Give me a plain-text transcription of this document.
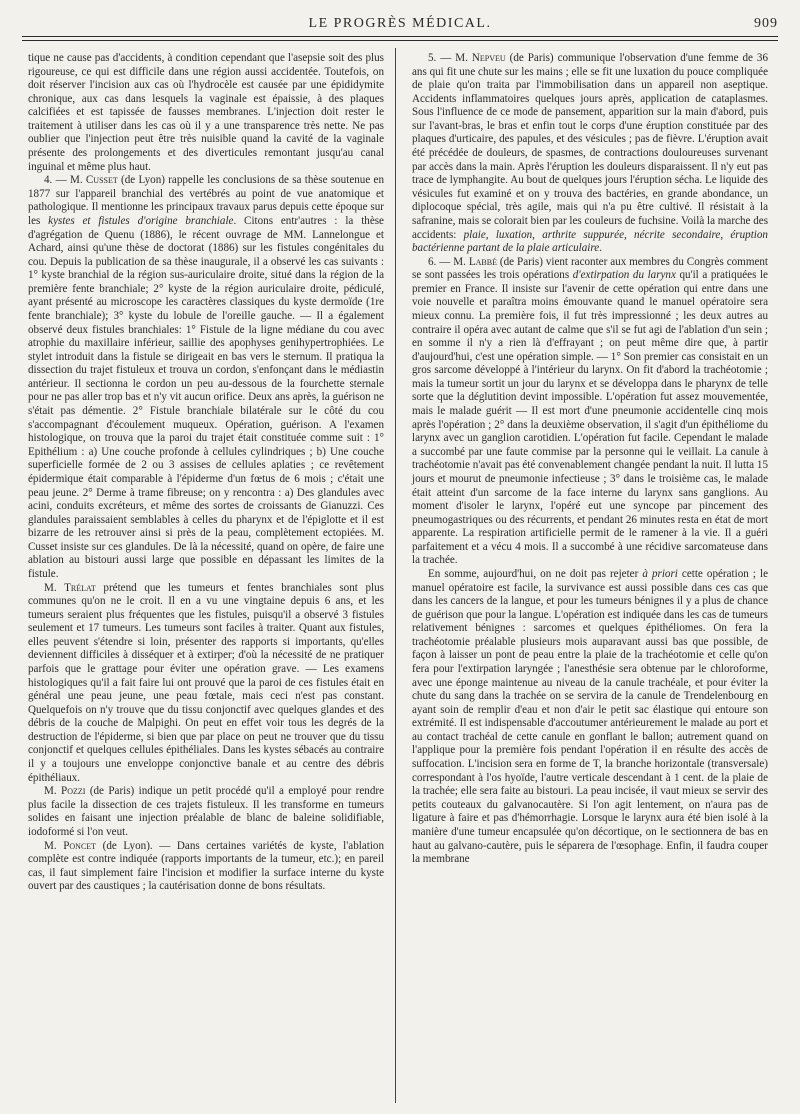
LE PROGRÈS MÉDICAL.	909

tique ne cause pas d'accidents, à condition cependant que l'asepsie soit des plus rigoureuse, ce qui est difficile dans une région aussi accidentée. Toutefois, on doit réserver l'incision aux cas où l'hydrocèle est causée par une épididymite chronique, aux cas dans lesquels la vaginale est épaissie, à des plaques calcifiées et est tapissée de fausses membranes. L'injection doit rester le traitement à utiliser dans les cas où il y a une transparence très nette. Ne pas oublier que l'injection peut être très nuisible quand la cavité de la vaginale présente des prolongements et des diverticules remontant jusqu'au canal inguinal et même plus haut.

4. — M. Cusset (de Lyon) rappelle les conclusions de sa thèse soutenue en 1877 sur l'appareil branchial des vertébrés au point de vue anatomique et pathologique. Il mentionne les principaux travaux parus depuis cette époque sur les kystes et fistules d'origine branchiale. Citons entr'autres : la thèse d'agrégation de Quenu (1886), le récent ouvrage de MM. Lannelongue et Achard, ainsi qu'une thèse de doctorat (1886) sur les fistules congénitales du cou. Depuis la publication de sa thèse inaugurale, il a observé les cas suivants : 1° kyste branchial de la région sus-auriculaire droite, situé dans la région de la première fente branchiale; 2° kyste de la région auriculaire droite, pédiculé, ayant présenté au microscope les caractères classiques du kyste dermoïde (1re fente branchiale); 3° kyste du lobule de l'oreille gauche. — Il a également observé deux fistules branchiales: 1° Fistule de la ligne médiane du cou avec atrophie du maxillaire inférieur, saillie des apophyses genihypertrophiées. Le stylet introduit dans la fistule se dirigeait en bas vers le sternum. Il pratiqua la dissection du trajet fistuleux et trouva un cordon, s'enfonçant dans le médiastin antérieur. Il sectionna le cordon un peu au-dessous de la fourchette sternale pour ne pas aller trop bas et n'y vit aucun orifice. Deux ans après, la guérison ne s'était pas démentie. 2° Fistule branchiale bilatérale sur le côté du cou s'accompagnant d'écoulement muqueux. Opération, guérison. A l'examen histologique, on trouva que la paroi du trajet était constituée comme suit : 1° Epithélium : a) Une couche profonde à cellules cylindriques ; b) Une couche superficielle formée de 2 ou 3 assises de cellules aplaties ; ce revêtement épidermique était comparable à l'épiderme d'un fœtus de 6 mois ; c'était une peau jeune. 2° Derme à trame fibreuse; on y rencontra : a) Des glandules avec acini, conduits excréteurs, et même des sortes de croissants de Gianuzzi. Ces glandules paraissaient semblables à celles du pharynx et de l'épiglotte et il est bizarre de les retrouver ainsi si près de la peau, complètement ectopiées. M. Cusset insiste sur ces glandules. De là la nécessité, quand on opère, de faire une ablation au bistouri aussi large que possible en dépassant les limites de la fistule.

M. Trélat prétend que les tumeurs et fentes branchiales sont plus communes qu'on ne le croit. Il en a vu une vingtaine depuis 6 ans, et les tumeurs seraient plus fréquentes que les fistules, puisqu'il a observé 3 fistules seulement et 17 tumeurs. Les tumeurs sont faciles à traiter. Quant aux fistules, elles peuvent s'étendre si loin, présenter des rapports si importants, qu'elles deviennent difficiles à disséquer et à extirper; d'où la nécessité de ne pratiquer parfois que le grattage pour éviter une opération grave. — Les examens histologiques qu'il a fait faire lui ont prouvé que la paroi de ces fistules était en général une peau jeune, une peau fœtale, mais ceci n'est pas constant. Quelquefois on n'y trouve que du tissu conjonctif avec quelques glandes et des débris de la couche de Malpighi. On peut en effet voir tous les degrés de la destruction de l'épiderme, si bien que par place on peut ne trouver que du tissu conjonctif et quelques cellules épithéliales. Dans les kystes sébacés au contraire il y a toujours une enveloppe conjonctive banale et au centre des débris épithéliaux.

M. Pozzi (de Paris) indique un petit procédé qu'il a employé pour rendre plus facile la dissection de ces trajets fistuleux. Il les transforme en tumeurs solides en faisant une injection préalable de blanc de baleine solidifiable, iodoformé si l'on veut.

M. Poncet (de Lyon). — Dans certaines variétés de kyste, l'ablation complète est contre indiquée (rapports importants de la tumeur, etc.); en pareil cas, il faut simplement faire l'incision et modifier la surface interne du kyste ouvert par des caustiques ; la cautérisation donne de bons résultats.

5. — M. Nepveu (de Paris) communique l'observation d'une femme de 36 ans qui fit une chute sur les mains ; elle se fit une luxation du pouce compliquée de plaie qu'on traita par l'immobilisation dans un appareil non aseptique. Accidents inflammatoires quelques jours après, application de cataplasmes. Sous l'influence de ce mode de pansement, apparition sur la main d'abord, puis sur l'avant-bras, le bras et enfin tout le corps d'une éruption constituée par des plaques d'urticaire, des papules, et des vésicules ; pas de fièvre. L'éruption avait été précédée de douleurs, de spasmes, de contractions douloureuses survenant par accès dans la main. Après l'éruption les douleurs disparaissent. Il n'y eut pas trace de lymphangite. Au bout de quelques jours l'éruption sécha. Le liquide des vésicules fut examiné et on y trouva des bactéries, en grande abondance, un diplocoque spécial, très agile, mais qui n'a pu être cultivé. Il résistait à la safranine, mais se colorait bien par les couleurs de fuchsine. Voilà la marche des accidents: plaie, luxation, arthrite suppurée, nécrite secondaire, éruption bactérienne partant de la plaie articulaire.

6. — M. Labbé (de Paris) vient raconter aux membres du Congrès comment se sont passées les trois opérations d'extirpation du larynx qu'il a pratiquées le premier en France. Il insiste sur l'avenir de cette opération qui entre dans une voie nouvelle et paraîtra moins émouvante quand le manuel opératoire sera mieux connu. La première fois, il fut très impressionné ; les deux autres au contraire il opéra avec autant de calme que s'il se fut agi de l'ablation d'un sein ; en somme il n'y a rien là d'effrayant ; on peut même dire que, à partir d'aujourd'hui, c'est une opération simple. — 1° Son premier cas consistait en un gros sarcome développé à l'intérieur du larynx. On fit d'abord la trachéotomie ; mais la tumeur sortit un jour du larynx et se développa dans le pharynx de telle sorte que la déglutition devint impossible. L'opération fut assez mouvementée, mais le malade guérit — Il est mort d'une pneumonie accidentelle cinq mois après l'opération ; 2° dans la deuxième observation, il s'agit d'un épithéliome du larynx avec un ganglion carotidien. L'opération fut facile. Cependant le malade a succombé par une faute commise par la personne qui le veillait. La canule à trachéotomie n'avait pas été convenablement changée pendant la nuit. Il lutta 15 jours et mourut de pneumonie infectieuse ; 3° dans le troisième cas, le malade était atteint d'un sarcome de la face interne du larynx sans ganglions. Au moment d'isoler le larynx, l'opéré eut une syncope par pincement des pneumogastriques ou des récurrents, et pendant 26 minutes resta en état de mort apparente. La respiration artificielle permit de le ramener à la vie. Il a guéri parfaitement et a vécu 4 mois. Il a succombé à une récidive sarcomateuse dans la trachée.

En somme, aujourd'hui, on ne doit pas rejeter à priori cette opération ; le manuel opératoire est facile, la survivance est aussi possible dans ces cas que dans les cancers de la langue, et pour les tumeurs bénignes il y a plus de chance de guérison que pour la langue. L'opération est indiquée dans les cas de tumeurs relativement bénignes : sarcomes et quelques épithéliomes. On fera la trachéotomie préalable plusieurs mois auparavant aussi bas que possible, de façon à laisser un pont de peau entre la plaie de la trachéotomie et celle qu'on fera pour l'extirpation laryngée ; l'anesthésie sera obtenue par le chloroforme, avec une éponge maintenue au niveau de la canule trachéale, et pour éviter la chute du sang dans la trachée on se servira de la canule de Trendelenbourg en ayant soin de remplir d'eau et non d'air le petit sac élastique qui entoure son extrémité. Il est indispensable d'accoutumer antérieurement le malade au port et au contact trachéal de cette canule en gonflant le ballon; autrement quand on l'applique pour la première fois pendant l'opération il en résulte des accès de suffocation. L'incision sera en forme de T, la branche horizontale (transversale) correspondant à l'os hyoïde, l'autre verticale descendant à 1 cent. de la plaie de la trachée; elle sera faite au bistouri. La peau incisée, il vaut mieux se servir des petits couteaux du galvanocautère. Si l'on agit lentement, on n'aura pas de ligature à faire et pas d'hémorrhagie. Lorsque le larynx aura été bien isolé à la manière d'une tumeur encapsulée qu'on décortique, on le sectionnera de bas en haut au galvano-cautère, puis le séparera de l'œsophage. Enfin, il faudra couper la membrane
